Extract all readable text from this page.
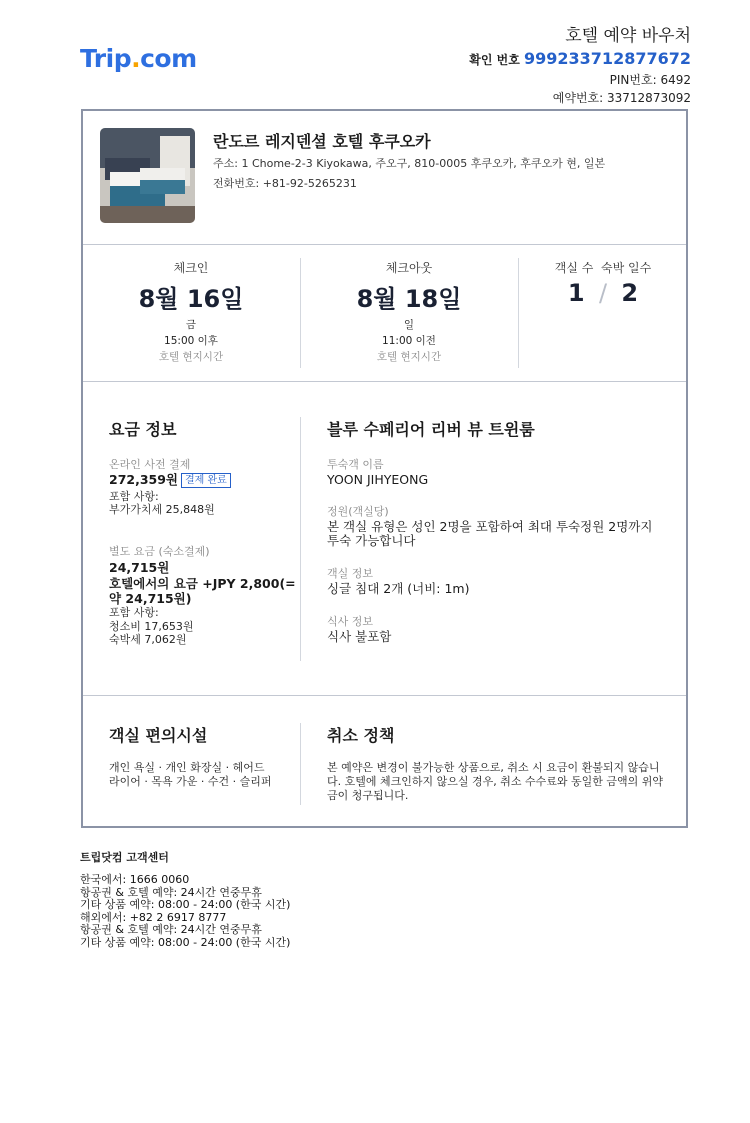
Trip.com
호텔 예약 바우처
확인 번호 999233712877672
PIN번호: 6492
예약번호: 33712873092
란도르 레지덴셜 호텔 후쿠오카
주소: 1 Chome-2-3 Kiyokawa, 주오구, 810-0005 후쿠오카, 후쿠오카 현, 일본
전화번호: +81-92-5265231
체크인
8월 16일
금
15:00 이후
호텔 현지시간
체크아웃
8월 18일
일
11:00 이전
호텔 현지시간
객실 수 숙박 일수
1 / 2
요금 정보
온라인 사전 결제
272,359원 결제 완료
포함 사항:
부가가치세 25,848원
별도 요금 (숙소결제)
24,715원
호텔에서의 요금 +JPY 2,800(=
약 24,715원)
포함 사항:
청소비 17,653원
숙박세 7,062원
블루 수페리어 리버 뷰 트윈룸
투숙객 이름
YOON JIHYEONG
정원(객실당)
본 객실 유형은 성인 2명을 포함하여 최대 투숙정원 2명까지
투숙 가능합니다
객실 정보
싱글 침대 2개 (너비: 1m)
식사 정보
식사 불포함
객실 편의시설
개인 욕실 · 개인 화장실 · 헤어드
라이어 · 목욕 가운 · 수건 · 슬리퍼
취소 정책
본 예약은 변경이 불가능한 상품으로, 취소 시 요금이 환불되지 않습니
다. 호텔에 체크인하지 않으실 경우, 취소 수수료와 동일한 금액의 위약
금이 청구됩니다.
트립닷컴 고객센터
한국에서: 1666 0060
항공권 & 호텔 예약: 24시간 연중무휴
기타 상품 예약: 08:00 - 24:00 (한국 시간)
해외에서: +82 2 6917 8777
항공권 & 호텔 예약: 24시간 연중무휴
기타 상품 예약: 08:00 - 24:00 (한국 시간)
